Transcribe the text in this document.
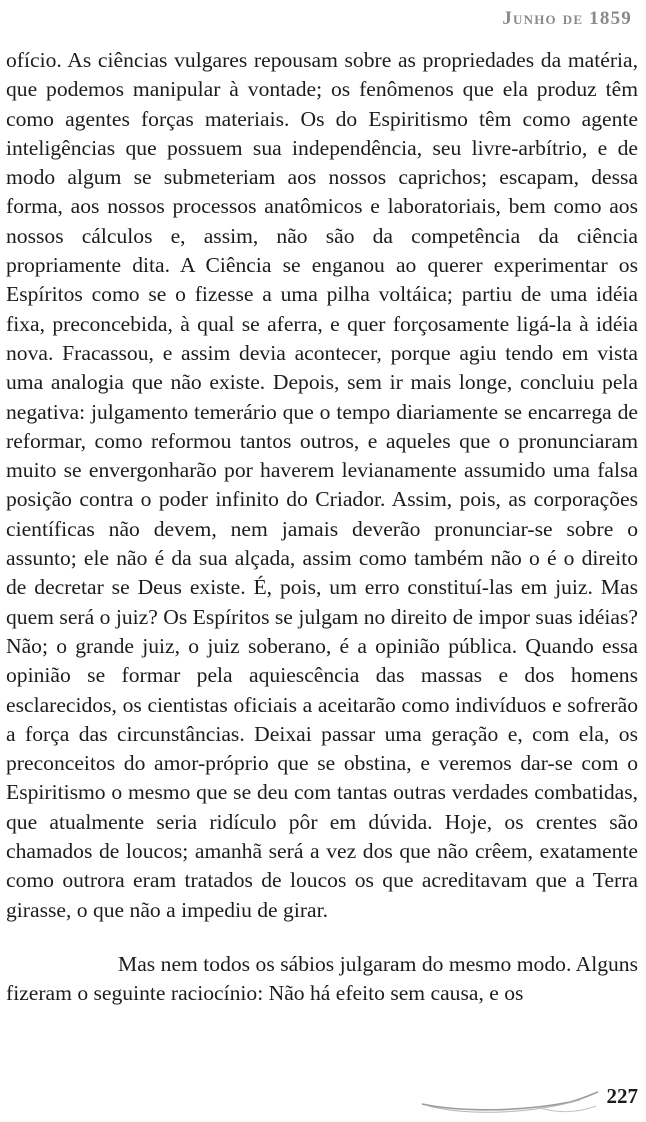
Junho de 1859

ofício. As ciências vulgares repousam sobre as propriedades da matéria, que podemos manipular à vontade; os fenômenos que ela produz têm como agentes forças materiais. Os do Espiritismo têm como agente inteligências que possuem sua independência, seu livre-arbítrio, e de modo algum se submeteriam aos nossos caprichos; escapam, dessa forma, aos nossos processos anatômicos e laboratoriais, bem como aos nossos cálculos e, assim, não são da competência da ciência propriamente dita. A Ciência se enganou ao querer experimentar os Espíritos como se o fizesse a uma pilha voltáica; partiu de uma idéia fixa, preconcebida, à qual se aferra, e quer forçosamente ligá-la à idéia nova. Fracassou, e assim devia acontecer, porque agiu tendo em vista uma analogia que não existe. Depois, sem ir mais longe, concluiu pela negativa: julgamento temerário que o tempo diariamente se encarrega de reformar, como reformou tantos outros, e aqueles que o pronunciaram muito se envergonharão por haverem levianamente assumido uma falsa posição contra o poder infinito do Criador. Assim, pois, as corporações científicas não devem, nem jamais deverão pronunciar-se sobre o assunto; ele não é da sua alçada, assim como também não o é o direito de decretar se Deus existe. É, pois, um erro constituí-las em juiz. Mas quem será o juiz? Os Espíritos se julgam no direito de impor suas idéias? Não; o grande juiz, o juiz soberano, é a opinião pública. Quando essa opinião se formar pela aquiescência das massas e dos homens esclarecidos, os cientistas oficiais a aceitarão como indivíduos e sofrerão a força das circunstâncias. Deixai passar uma geração e, com ela, os preconceitos do amor-próprio que se obstina, e veremos dar-se com o Espiritismo o mesmo que se deu com tantas outras verdades combatidas, que atualmente seria ridículo pôr em dúvida. Hoje, os crentes são chamados de loucos; amanhã será a vez dos que não crêem, exatamente como outrora eram tratados de loucos os que acreditavam que a Terra girasse, o que não a impediu de girar.

Mas nem todos os sábios julgaram do mesmo modo. Alguns fizeram o seguinte raciocínio: Não há efeito sem causa, e os

227
